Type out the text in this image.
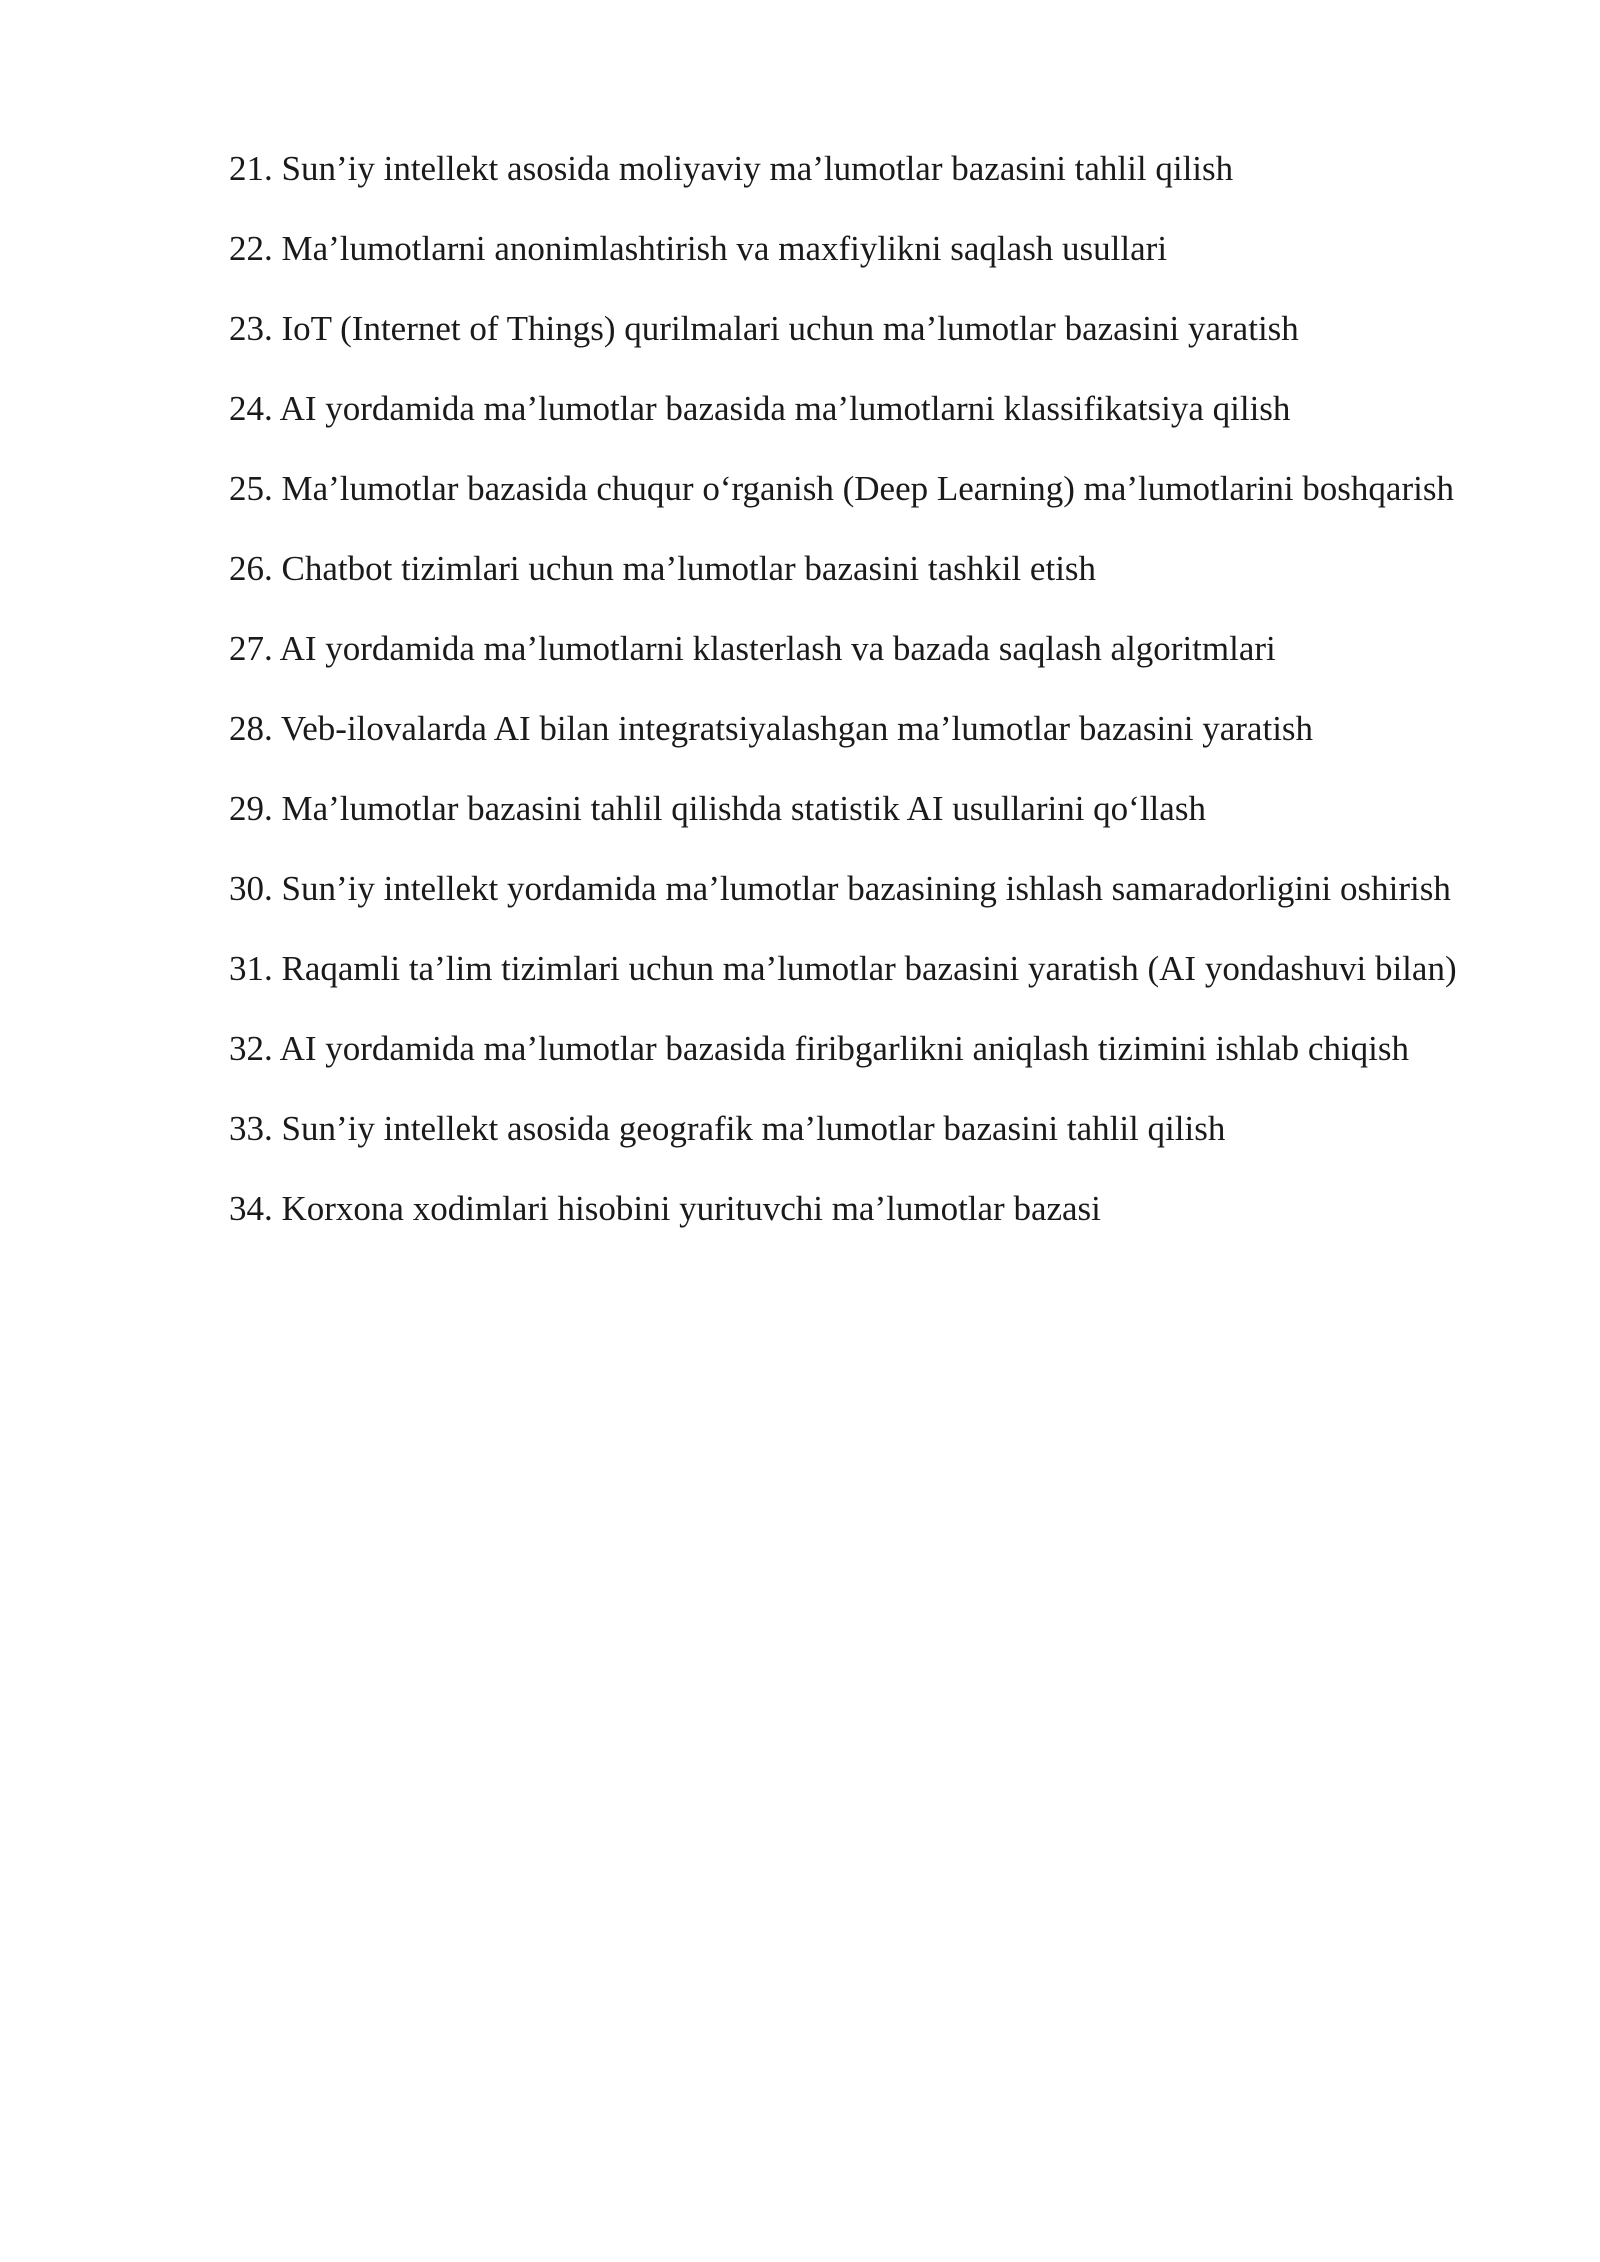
21. Sun’iy intellekt asosida moliyaviy ma’lumotlar bazasini tahlil qilish
22. Ma’lumotlarni anonimlashtirish va maxfiylikni saqlash usullari
23. IoT (Internet of Things) qurilmalari uchun ma’lumotlar bazasini yaratish
24. AI yordamida ma’lumotlar bazasida ma’lumotlarni klassifikatsiya qilish
25. Ma’lumotlar bazasida chuqur o‘rganish (Deep Learning) ma’lumotlarini boshqarish
26. Chatbot tizimlari uchun ma’lumotlar bazasini tashkil etish
27. AI yordamida ma’lumotlarni klasterlash va bazada saqlash algoritmlari
28. Veb-ilovalarda AI bilan integratsiyalashgan ma’lumotlar bazasini yaratish
29. Ma’lumotlar bazasini tahlil qilishda statistik AI usullarini qo‘llash
30. Sun’iy intellekt yordamida ma’lumotlar bazasining ishlash samaradorligini oshirish
31. Raqamli ta’lim tizimlari uchun ma’lumotlar bazasini yaratish (AI yondashuvi bilan)
32. AI yordamida ma’lumotlar bazasida firibgarlikni aniqlash tizimini ishlab chiqish
33. Sun’iy intellekt asosida geografik ma’lumotlar bazasini tahlil qilish
34. Korxona xodimlari hisobini yurituvchi ma’lumotlar bazasi
